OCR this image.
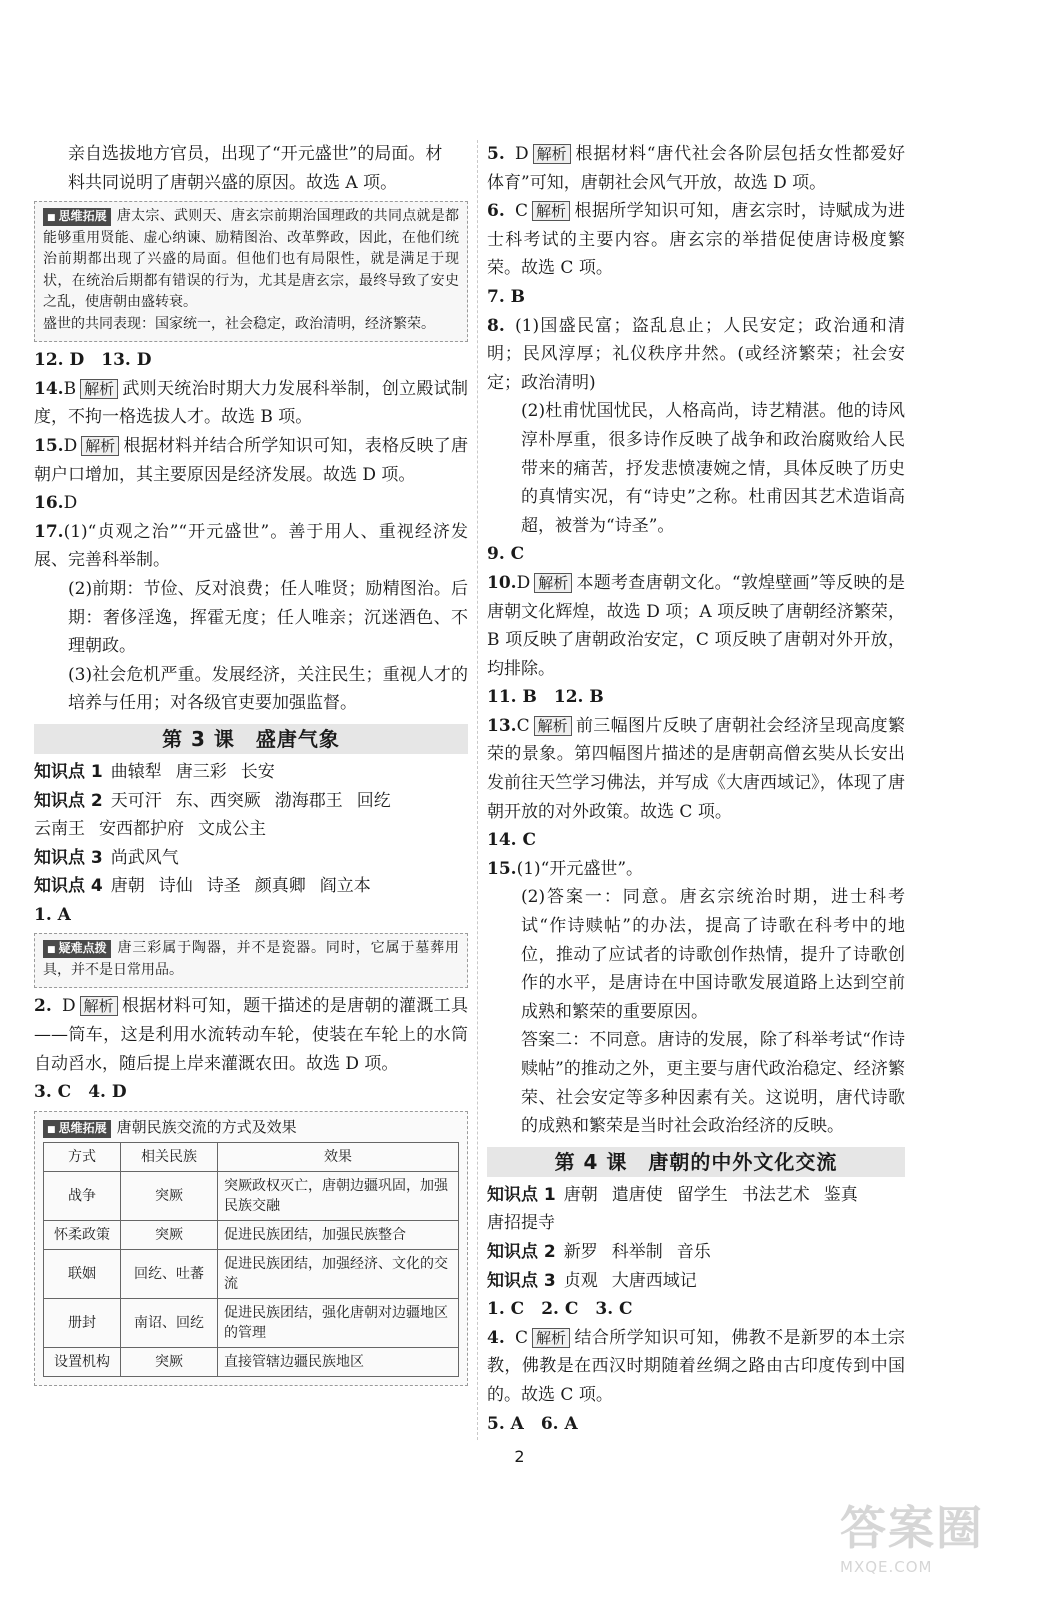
亲自选拔地方官员，出现了“开元盛世”的局面。材

料共同说明了唐朝兴盛的原因。故选 A 项。

■ 思维拓展 唐太宗、武则天、唐玄宗前期治国理政的共同点就是都能够重用贤能、虚心纳谏、励精图治、改革弊政，因此，在他们统治前期都出现了兴盛的局面。但他们也有局限性，就是满足于现状，在统治后期都有错误的行为，尤其是唐玄宗，最终导致了安史之乱，使唐朝由盛转衰。
盛世的共同表现：国家统一，社会稳定，政治清明，经济繁荣。

12. D　13. D

14.B 解析 武则天统治时期大力发展科举制，创立殿试制度，不拘一格选拔人才。故选 B 项。

15.D 解析 根据材料并结合所学知识可知，表格反映了唐朝户口增加，其主要原因是经济发展。故选 D 项。

16.D

17.(1)“贞观之治”“开元盛世”。善于用人、重视经济发展、完善科举制。

(2)前期：节俭、反对浪费；任人唯贤；励精图治。后期：奢侈淫逸，挥霍无度；任人唯亲；沉迷酒色、不理朝政。

(3)社会危机严重。发展经济，关注民生；重视人才的培养与任用；对各级官吏要加强监督。

第 3 课　盛唐气象

知识点 1 曲辕犁 唐三彩 长安

知识点 2 天可汗 东、西突厥 渤海郡王 回纥
云南王 安西都护府 文成公主

知识点 3 尚武风气

知识点 4 唐朝 诗仙 诗圣 颜真卿 阎立本

1. A

■ 疑难点拨 唐三彩属于陶器，并不是瓷器。同时，它属于墓葬用具，并不是日常用品。

2. D 解析 根据材料可知，题干描述的是唐朝的灌溉工具——筒车，这是利用水流转动车轮，使装在车轮上的水筒自动舀水，随后提上岸来灌溉农田。故选 D 项。

3. C　4. D

■ 思维拓展 唐朝民族交流的方式及效果
方式	相关民族	效果
战争	突厥	突厥政权灭亡，唐朝边疆巩固，加强民族交融
怀柔政策	突厥	促进民族团结，加强民族整合
联姻	回纥、吐蕃	促进民族团结，加强经济、文化的交流
册封	南诏、回纥	促进民族团结，强化唐朝对边疆地区的管理
设置机构	突厥	直接管辖边疆民族地区

5. D 解析 根据材料“唐代社会各阶层包括女性都爱好体育”可知，唐朝社会风气开放，故选 D 项。

6. C 解析 根据所学知识可知，唐玄宗时，诗赋成为进士科考试的主要内容。唐玄宗的举措促使唐诗极度繁荣。故选 C 项。

7. B

8. (1)国盛民富；盗乱息止；人民安定；政治通和清明；民风淳厚；礼仪秩序井然。(或经济繁荣；社会安定；政治清明)

(2)杜甫忧国忧民，人格高尚，诗艺精湛。他的诗风淳朴厚重，很多诗作反映了战争和政治腐败给人民带来的痛苦，抒发悲愤凄婉之情，具体反映了历史的真情实况，有“诗史”之称。杜甫因其艺术造诣高超，被誉为“诗圣”。

9. C

10.D 解析 本题考查唐朝文化。“敦煌壁画”等反映的是唐朝文化辉煌，故选 D 项；A 项反映了唐朝经济繁荣，B 项反映了唐朝政治安定，C 项反映了唐朝对外开放，均排除。

11. B　12. B

13.C 解析 前三幅图片反映了唐朝社会经济呈现高度繁荣的景象。第四幅图片描述的是唐朝高僧玄奘从长安出发前往天竺学习佛法，并写成《大唐西域记》，体现了唐朝开放的对外政策。故选 C 项。

14. C

15.(1)“开元盛世”。

(2)答案一：同意。唐玄宗统治时期，进士科考试“作诗赎帖”的办法，提高了诗歌在科考中的地位，推动了应试者的诗歌创作热情，提升了诗歌创作的水平，是唐诗在中国诗歌发展道路上达到空前成熟和繁荣的重要原因。

答案二：不同意。唐诗的发展，除了科举考试“作诗赎帖”的推动之外，更主要与唐代政治稳定、经济繁荣、社会安定等多种因素有关。这说明，唐代诗歌的成熟和繁荣是当时社会政治经济的反映。

第 4 课　唐朝的中外文化交流

知识点 1 唐朝 遣唐使 留学生 书法艺术 鉴真
唐招提寺

知识点 2 新罗 科举制 音乐

知识点 3 贞观 大唐西域记

1. C　2. C　3. C

4. C 解析 结合所学知识可知，佛教不是新罗的本土宗教，佛教是在西汉时期随着丝绸之路由古印度传到中国的。故选 C 项。

5. A　6. A

2
答案圈
MXQE.COM
